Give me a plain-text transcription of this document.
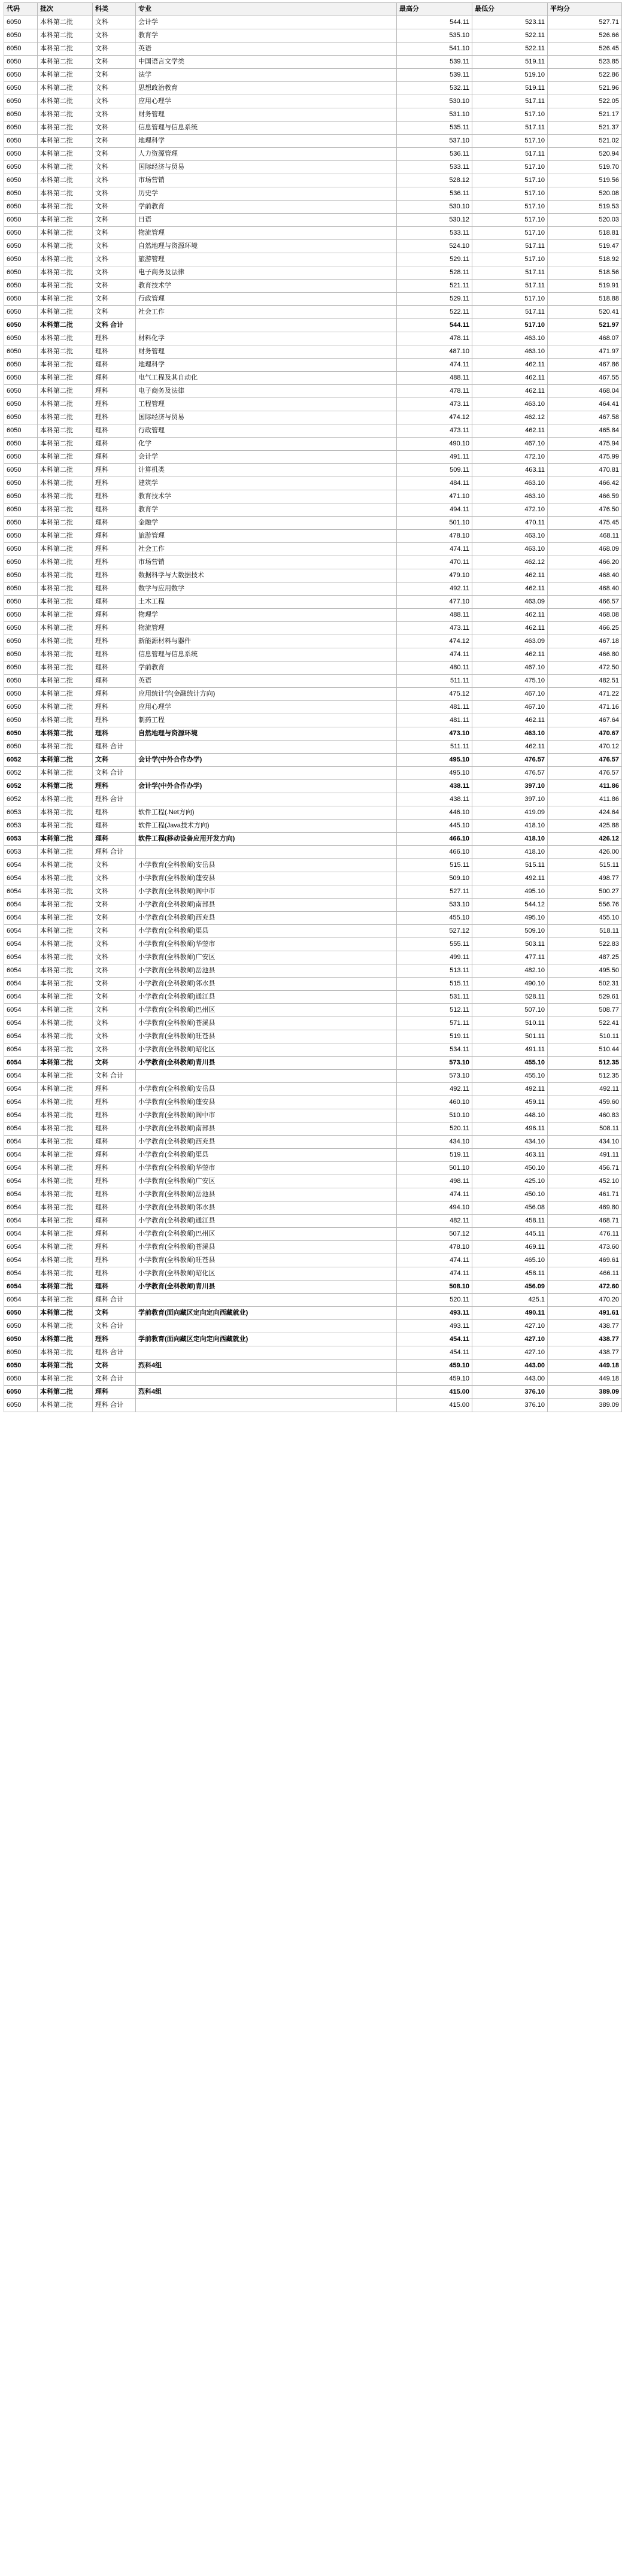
代码	批次	科类	专业	最高分	最低分	平均分
6050	本科第二批	文科	会计学	544.11	523.11	527.71
6050	本科第二批	文科	教育学	535.10	522.11	526.66
6050	本科第二批	文科	英语	541.10	522.11	526.45
6050	本科第二批	文科	中国语言文学类	539.11	519.11	523.85
6050	本科第二批	文科	法学	539.11	519.10	522.86
6050	本科第二批	文科	思想政治教育	532.11	519.11	521.96
6050	本科第二批	文科	应用心理学	530.10	517.11	522.05
6050	本科第二批	文科	财务管理	531.10	517.10	521.17
6050	本科第二批	文科	信息管理与信息系统	535.11	517.11	521.37
6050	本科第二批	文科	地理科学	537.10	517.10	521.02
6050	本科第二批	文科	人力资源管理	536.11	517.11	520.94
6050	本科第二批	文科	国际经济与贸易	533.11	517.10	519.70
6050	本科第二批	文科	市场营销	528.12	517.10	519.56
6050	本科第二批	文科	历史学	536.11	517.10	520.08
6050	本科第二批	文科	学前教育	530.10	517.10	519.53
6050	本科第二批	文科	日语	530.12	517.10	520.03
6050	本科第二批	文科	物流管理	533.11	517.10	518.81
6050	本科第二批	文科	自然地理与资源环境	524.10	517.11	519.47
6050	本科第二批	文科	旅游管理	529.11	517.10	518.92
6050	本科第二批	文科	电子商务及法律	528.11	517.11	518.56
6050	本科第二批	文科	教育技术学	521.11	517.11	519.91
6050	本科第二批	文科	行政管理	529.11	517.10	518.88
6050	本科第二批	文科	社会工作	522.11	517.11	520.41
6050	本科第二批	文科 合计		544.11	517.10	521.97
6050	本科第二批	理科	材料化学	478.11	463.10	468.07
6050	本科第二批	理科	财务管理	487.10	463.10	471.97
6050	本科第二批	理科	地理科学	474.11	462.11	467.86
6050	本科第二批	理科	电气工程及其自动化	488.11	462.11	467.55
6050	本科第二批	理科	电子商务及法律	478.11	462.11	468.04
6050	本科第二批	理科	工程管理	473.11	463.10	464.41
6050	本科第二批	理科	国际经济与贸易	474.12	462.12	467.58
6050	本科第二批	理科	行政管理	473.11	462.11	465.84
6050	本科第二批	理科	化学	490.10	467.10	475.94
6050	本科第二批	理科	会计学	491.11	472.10	475.99
6050	本科第二批	理科	计算机类	509.11	463.11	470.81
6050	本科第二批	理科	建筑学	484.11	463.10	466.42
6050	本科第二批	理科	教育技术学	471.10	463.10	466.59
6050	本科第二批	理科	教育学	494.11	472.10	476.50
6050	本科第二批	理科	金融学	501.10	470.11	475.45
6050	本科第二批	理科	旅游管理	478.10	463.10	468.11
6050	本科第二批	理科	社会工作	474.11	463.10	468.09
6050	本科第二批	理科	市场营销	470.11	462.12	466.20
6050	本科第二批	理科	数据科学与大数据技术	479.10	462.11	468.40
6050	本科第二批	理科	数学与应用数学	492.11	462.11	468.40
6050	本科第二批	理科	土木工程	477.10	463.09	466.57
6050	本科第二批	理科	物理学	488.11	462.11	468.08
6050	本科第二批	理科	物流管理	473.11	462.11	466.25
6050	本科第二批	理科	新能源材料与器件	474.12	463.09	467.18
6050	本科第二批	理科	信息管理与信息系统	474.11	462.11	466.80
6050	本科第二批	理科	学前教育	480.11	467.10	472.50
6050	本科第二批	理科	英语	511.11	475.10	482.51
6050	本科第二批	理科	应用统计学(金融统计方向)	475.12	467.10	471.22
6050	本科第二批	理科	应用心理学	481.11	467.10	471.16
6050	本科第二批	理科	制药工程	481.11	462.11	467.64
6050	本科第二批	理科	自然地理与资源环境	473.10	463.10	470.67
6050	本科第二批	理科 合计		511.11	462.11	470.12
6052	本科第二批	文科	会计学(中外合作办学)	495.10	476.57	476.57
6052	本科第二批	文科 合计		495.10	476.57	476.57
6052	本科第二批	理科	会计学(中外合作办学)	438.11	397.10	411.86
6052	本科第二批	理科 合计		438.11	397.10	411.86
6053	本科第二批	理科	软件工程(.Net方向)	446.10	419.09	424.64
6053	本科第二批	理科	软件工程(Java技术方向)	445.10	418.10	425.88
6053	本科第二批	理科	软件工程(移动设备应用开发方向)	466.10	418.10	426.12
6053	本科第二批	理科 合计		466.10	418.10	426.00
6054	本科第二批	文科	小学教育(全科教师)安岳县	515.11	515.11	515.11
6054	本科第二批	文科	小学教育(全科教师)蓬安县	509.10	492.11	498.77
6054	本科第二批	文科	小学教育(全科教师)阆中市	527.11	495.10	500.27
6054	本科第二批	文科	小学教育(全科教师)南部县	533.10	544.12	556.76
6054	本科第二批	文科	小学教育(全科教师)西充县	455.10	495.10	455.10
6054	本科第二批	文科	小学教育(全科教师)渠县	527.12	509.10	518.11
6054	本科第二批	文科	小学教育(全科教师)华蓥市	555.11	503.11	522.83
6054	本科第二批	文科	小学教育(全科教师)广安区	499.11	477.11	487.25
6054	本科第二批	文科	小学教育(全科教师)岳池县	513.11	482.10	495.50
6054	本科第二批	文科	小学教育(全科教师)邻水县	515.11	490.10	502.31
6054	本科第二批	文科	小学教育(全科教师)通江县	531.11	528.11	529.61
6054	本科第二批	文科	小学教育(全科教师)巴州区	512.11	507.10	508.77
6054	本科第二批	文科	小学教育(全科教师)苍溪县	571.11	510.11	522.41
6054	本科第二批	文科	小学教育(全科教师)旺苍县	519.11	501.11	510.11
6054	本科第二批	文科	小学教育(全科教师)昭化区	534.11	491.11	510.44
6054	本科第二批	文科	小学教育(全科教师)青川县	573.10	455.10	512.35
6054	本科第二批	文科 合计		573.10	455.10	512.35
6054	本科第二批	理科	小学教育(全科教师)安岳县	492.11	492.11	492.11
6054	本科第二批	理科	小学教育(全科教师)蓬安县	460.10	459.11	459.60
6054	本科第二批	理科	小学教育(全科教师)阆中市	510.10	448.10	460.83
6054	本科第二批	理科	小学教育(全科教师)南部县	520.11	496.11	508.11
6054	本科第二批	理科	小学教育(全科教师)西充县	434.10	434.10	434.10
6054	本科第二批	理科	小学教育(全科教师)渠县	519.11	463.11	491.11
6054	本科第二批	理科	小学教育(全科教师)华蓥市	501.10	450.10	456.71
6054	本科第二批	理科	小学教育(全科教师)广安区	498.11	425.10	452.10
6054	本科第二批	理科	小学教育(全科教师)岳池县	474.11	450.10	461.71
6054	本科第二批	理科	小学教育(全科教师)邻水县	494.10	456.08	469.80
6054	本科第二批	理科	小学教育(全科教师)通江县	482.11	458.11	468.71
6054	本科第二批	理科	小学教育(全科教师)巴州区	507.12	445.11	476.11
6054	本科第二批	理科	小学教育(全科教师)苍溪县	478.10	469.11	473.60
6054	本科第二批	理科	小学教育(全科教师)旺苍县	474.11	465.10	469.61
6054	本科第二批	理科	小学教育(全科教师)昭化区	474.11	458.11	466.11
6054	本科第二批	理科	小学教育(全科教师)青川县	508.10	456.09	472.60
6054	本科第二批	理科 合计		520.11	425.1	470.20
6050	本科第二批	文科	学前教育(面向藏区定向定向西藏就业)	493.11	490.11	491.61
6050	本科第二批	文科 合计		493.11	427.10	438.77
6050	本科第二批	理科	学前教育(面向藏区定向定向西藏就业)	454.11	427.10	438.77
6050	本科第二批	理科 合计		454.11	427.10	438.77
6050	本科第二批	文科	烈科4组	459.10	443.00	449.18
6050	本科第二批	文科 合计		459.10	443.00	449.18
6050	本科第二批	理科	烈科4组	415.00	376.10	389.09
6050	本科第二批	理科 合计		415.00	376.10	389.09
